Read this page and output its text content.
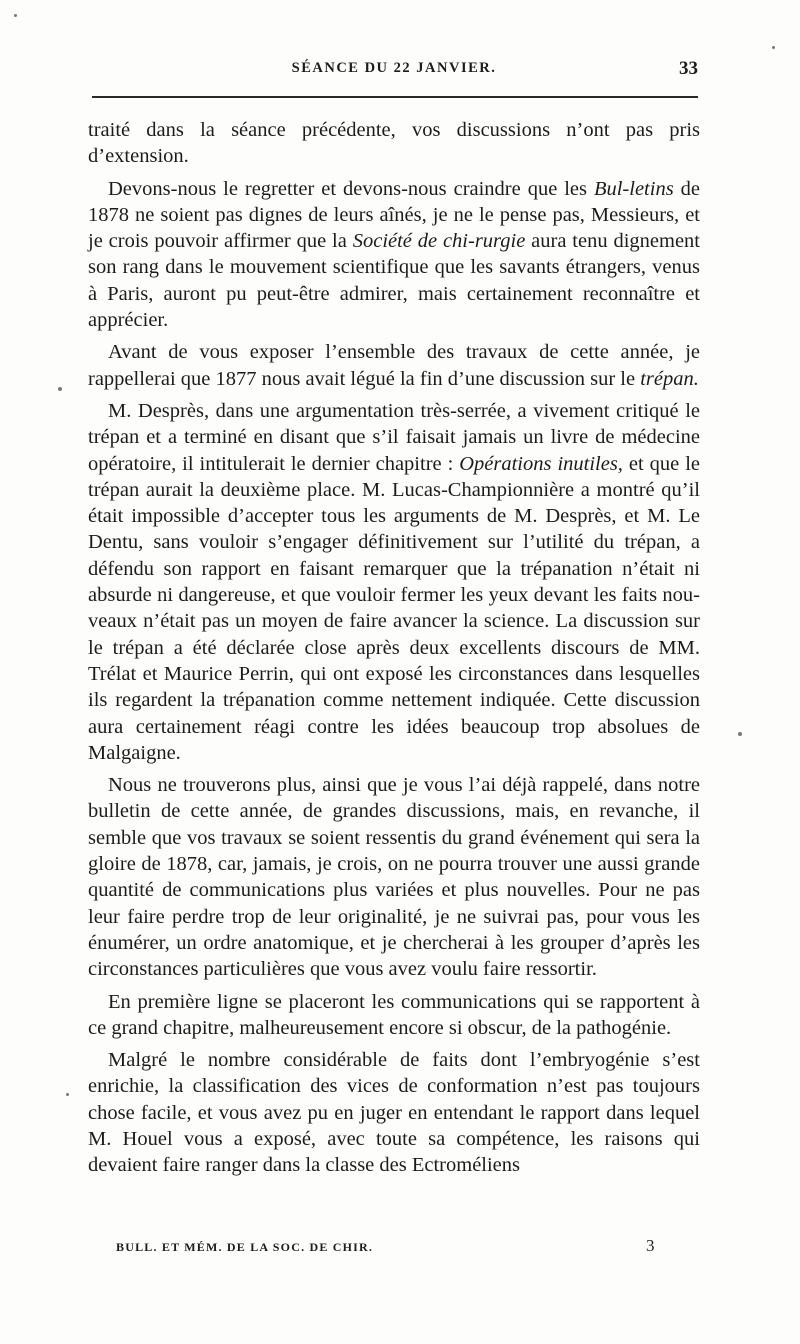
SÉANCE DU 22 JANVIER.	33

traité dans la séance précédente, vos discussions n’ont pas pris d’extension.

Devons-nous le regretter et devons-nous craindre que les Bul-letins de 1878 ne soient pas dignes de leurs aînés, je ne le pense pas, Messieurs, et je crois pouvoir affirmer que la Société de chi-rurgie aura tenu dignement son rang dans le mouvement scientifique que les savants étrangers, venus à Paris, auront pu peut-être admirer, mais certainement reconnaître et apprécier.

Avant de vous exposer l’ensemble des travaux de cette année, je rappellerai que 1877 nous avait légué la fin d’une discussion sur le trépan.

M. Desprès, dans une argumentation très-serrée, a vivement critiqué le trépan et a terminé en disant que s’il faisait jamais un livre de médecine opératoire, il intitulerait le dernier chapitre : Opérations inutiles, et que le trépan aurait la deuxième place. M. Lucas-Championnière a montré qu’il était impossible d’accepter tous les arguments de M. Desprès, et M. Le Dentu, sans vouloir s’engager définitivement sur l’utilité du trépan, a défendu son rapport en faisant remarquer que la trépanation n’était ni absurde ni dangereuse, et que vouloir fermer les yeux devant les faits nouveaux n’était pas un moyen de faire avancer la science. La discussion sur le trépan a été déclarée close après deux excellents discours de MM. Trélat et Maurice Perrin, qui ont exposé les circonstances dans lesquelles ils regardent la trépanation comme nettement indiquée. Cette discussion aura certainement réagi contre les idées beaucoup trop absolues de Malgaigne.

Nous ne trouverons plus, ainsi que je vous l’ai déjà rappelé, dans notre bulletin de cette année, de grandes discussions, mais, en revanche, il semble que vos travaux se soient ressentis du grand événement qui sera la gloire de 1878, car, jamais, je crois, on ne pourra trouver une aussi grande quantité de communications plus variées et plus nouvelles. Pour ne pas leur faire perdre trop de leur originalité, je ne suivrai pas, pour vous les énumérer, un ordre anatomique, et je chercherai à les grouper d’après les circonstances particulières que vous avez voulu faire ressortir.

En première ligne se placeront les communications qui se rapportent à ce grand chapitre, malheureusement encore si obscur, de la pathogénie.

Malgré le nombre considérable de faits dont l’embryogénie s’est enrichie, la classification des vices de conformation n’est pas toujours chose facile, et vous avez pu en juger en entendant le rapport dans lequel M. Houel vous a exposé, avec toute sa compétence, les raisons qui devaient faire ranger dans la classe des Ectroméliens

BULL. ET MÉM. DE LA SOC. DE CHIR.	3
